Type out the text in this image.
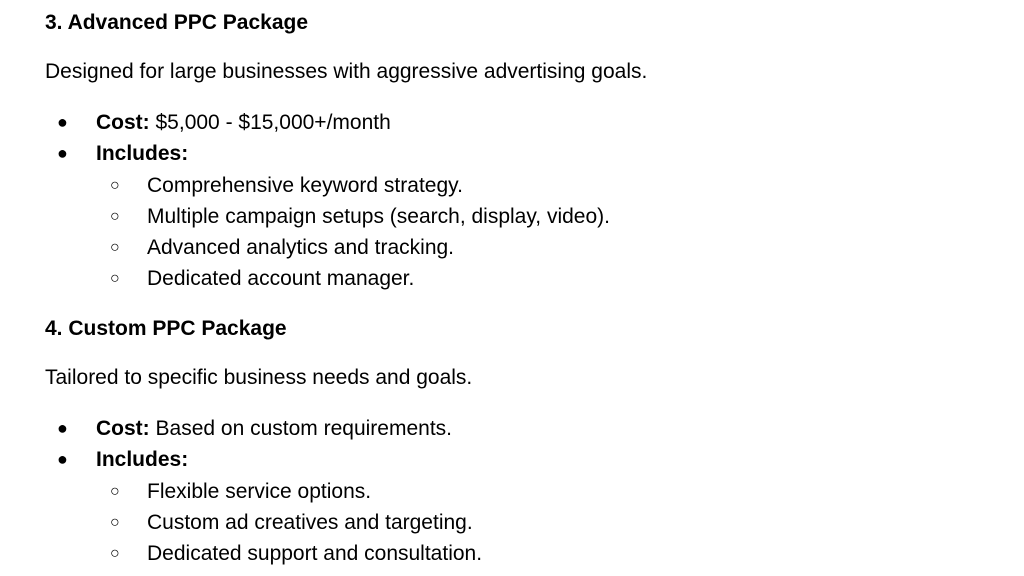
3. Advanced PPC Package

Designed for large businesses with aggressive advertising goals.

● Cost: $5,000 - $15,000+/month
● Includes:
○ Comprehensive keyword strategy.
○ Multiple campaign setups (search, display, video).
○ Advanced analytics and tracking.
○ Dedicated account manager.
4. Custom PPC Package

Tailored to specific business needs and goals.

● Cost: Based on custom requirements.
● Includes:
○ Flexible service options.
○ Custom ad creatives and targeting.
○ Dedicated support and consultation.
